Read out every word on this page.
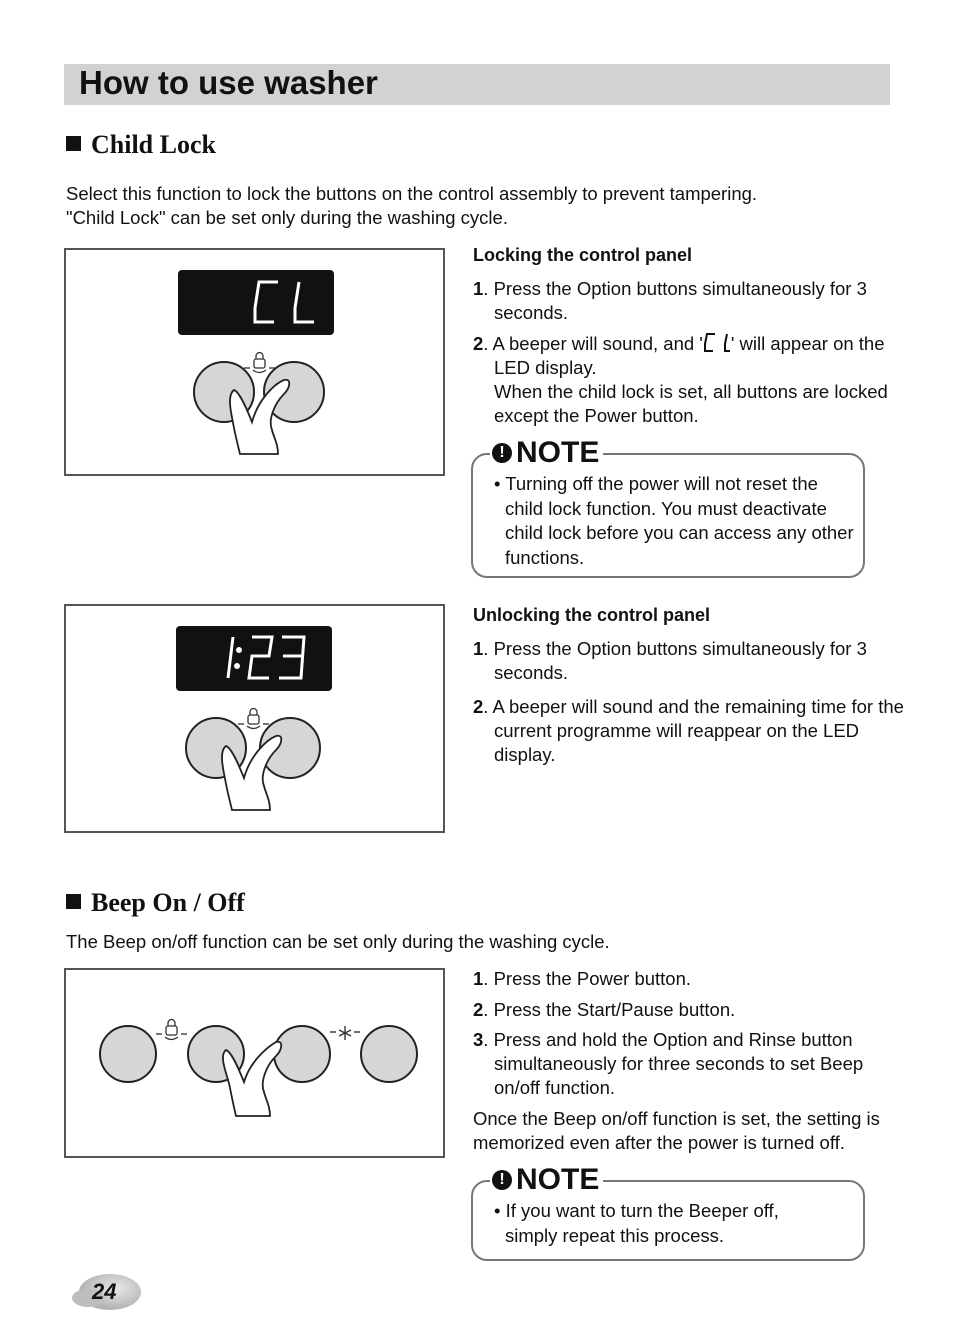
How to use washer
Child Lock
Select this function to lock the buttons on the control assembly to prevent tampering.
"Child Lock" can be set only during the washing cycle.
Locking the control panel
1. Press the Option buttons simultaneously for 3 seconds.
2. A beeper will sound, and ' ' will appear on the LED display.
When the child lock is set, all buttons are locked except the Power button.
! NOTE
• Turning off the power will not reset the child lock function. You must deactivate child lock before you can access any other functions.
Unlocking the control panel
1. Press the Option buttons simultaneously for 3 seconds.
2. A beeper will sound and the remaining time for the current programme will reappear on the LED display.
Beep On / Off
The Beep on/off function can be set only during the washing cycle.
1. Press the Power button.
2. Press the Start/Pause button.
3. Press and hold the Option and Rinse button simultaneously for three seconds to set Beep on/off function.
Once the Beep on/off function is set, the setting is memorized even after the power is turned off.
! NOTE
• If you want to turn the Beeper off, simply repeat this process.
24
